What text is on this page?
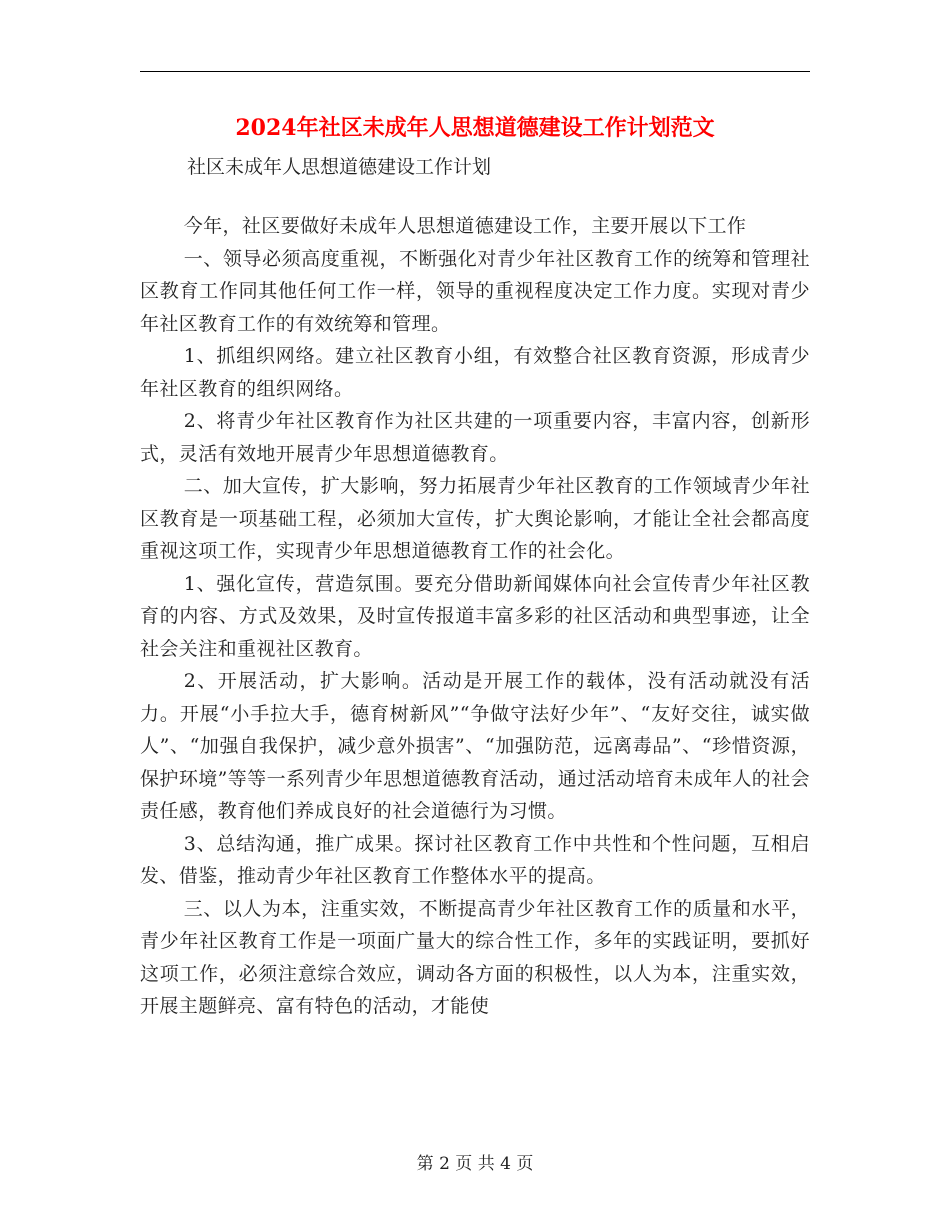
2024年社区未成年人思想道德建设工作计划范文
社区未成年人思想道德建设工作计划

今年，社区要做好未成年人思想道德建设工作，主要开展以下工作

一、领导必须高度重视，不断强化对青少年社区教育工作的统筹和管理社区教育工作同其他任何工作一样，领导的重视程度决定工作力度。实现对青少年社区教育工作的有效统筹和管理。

1、抓组织网络。建立社区教育小组，有效整合社区教育资源，形成青少年社区教育的组织网络。

2、将青少年社区教育作为社区共建的一项重要内容，丰富内容，创新形式，灵活有效地开展青少年思想道德教育。

二、加大宣传，扩大影响，努力拓展青少年社区教育的工作领域青少年社区教育是一项基础工程，必须加大宣传，扩大舆论影响，才能让全社会都高度重视这项工作，实现青少年思想道德教育工作的社会化。

1、强化宣传，营造氛围。要充分借助新闻媒体向社会宣传青少年社区教育的内容、方式及效果，及时宣传报道丰富多彩的社区活动和典型事迹，让全社会关注和重视社区教育。

2、开展活动，扩大影响。活动是开展工作的载体，没有活动就没有活力。开展“小手拉大手，德育树新风”“争做守法好少年”、“友好交往，诚实做人”、“加强自我保护，减少意外损害”、“加强防范，远离毒品”、“珍惜资源，保护环境”等等一系列青少年思想道德教育活动，通过活动培育未成年人的社会责任感，教育他们养成良好的社会道德行为习惯。

3、总结沟通，推广成果。探讨社区教育工作中共性和个性问题，互相启发、借鉴，推动青少年社区教育工作整体水平的提高。

三、以人为本，注重实效，不断提高青少年社区教育工作的质量和水平，青少年社区教育工作是一项面广量大的综合性工作，多年的实践证明，要抓好这项工作，必须注意综合效应，调动各方面的积极性，以人为本，注重实效，开展主题鲜亮、富有特色的活动，才能使

第 2 页 共 4 页
